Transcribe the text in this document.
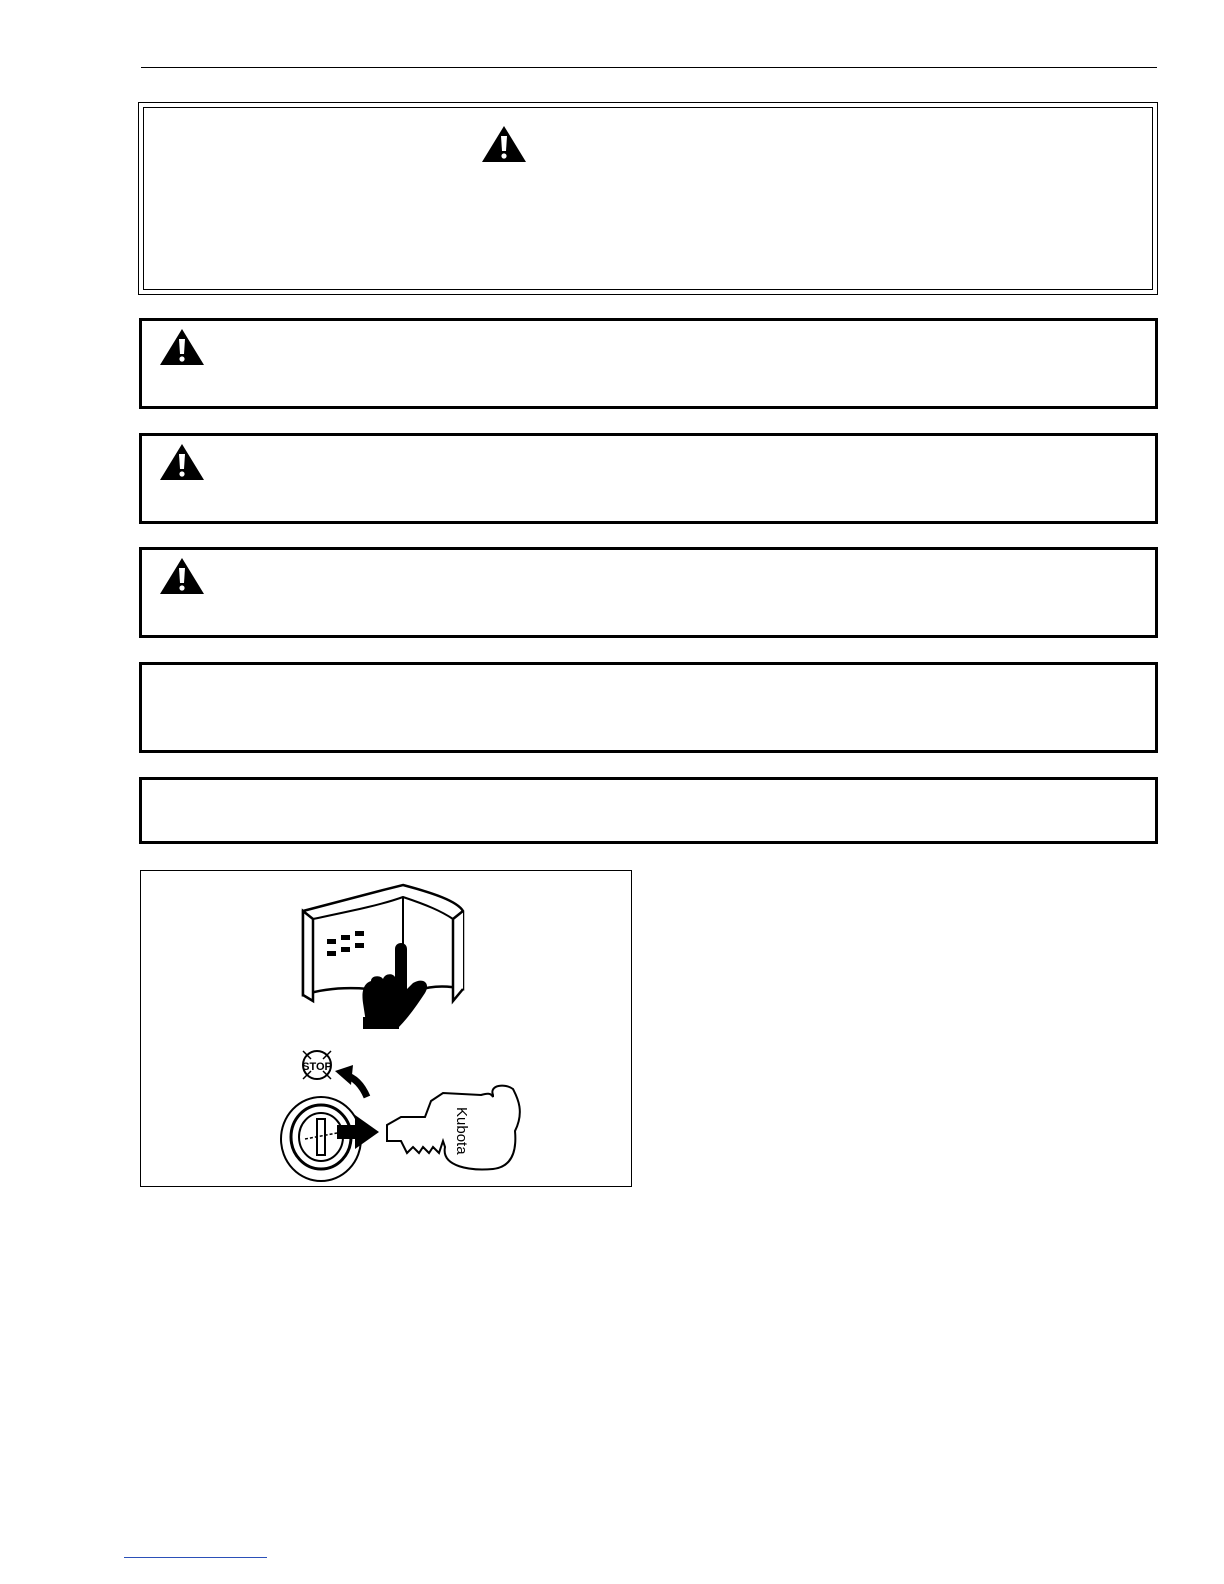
STOP
Kubota
